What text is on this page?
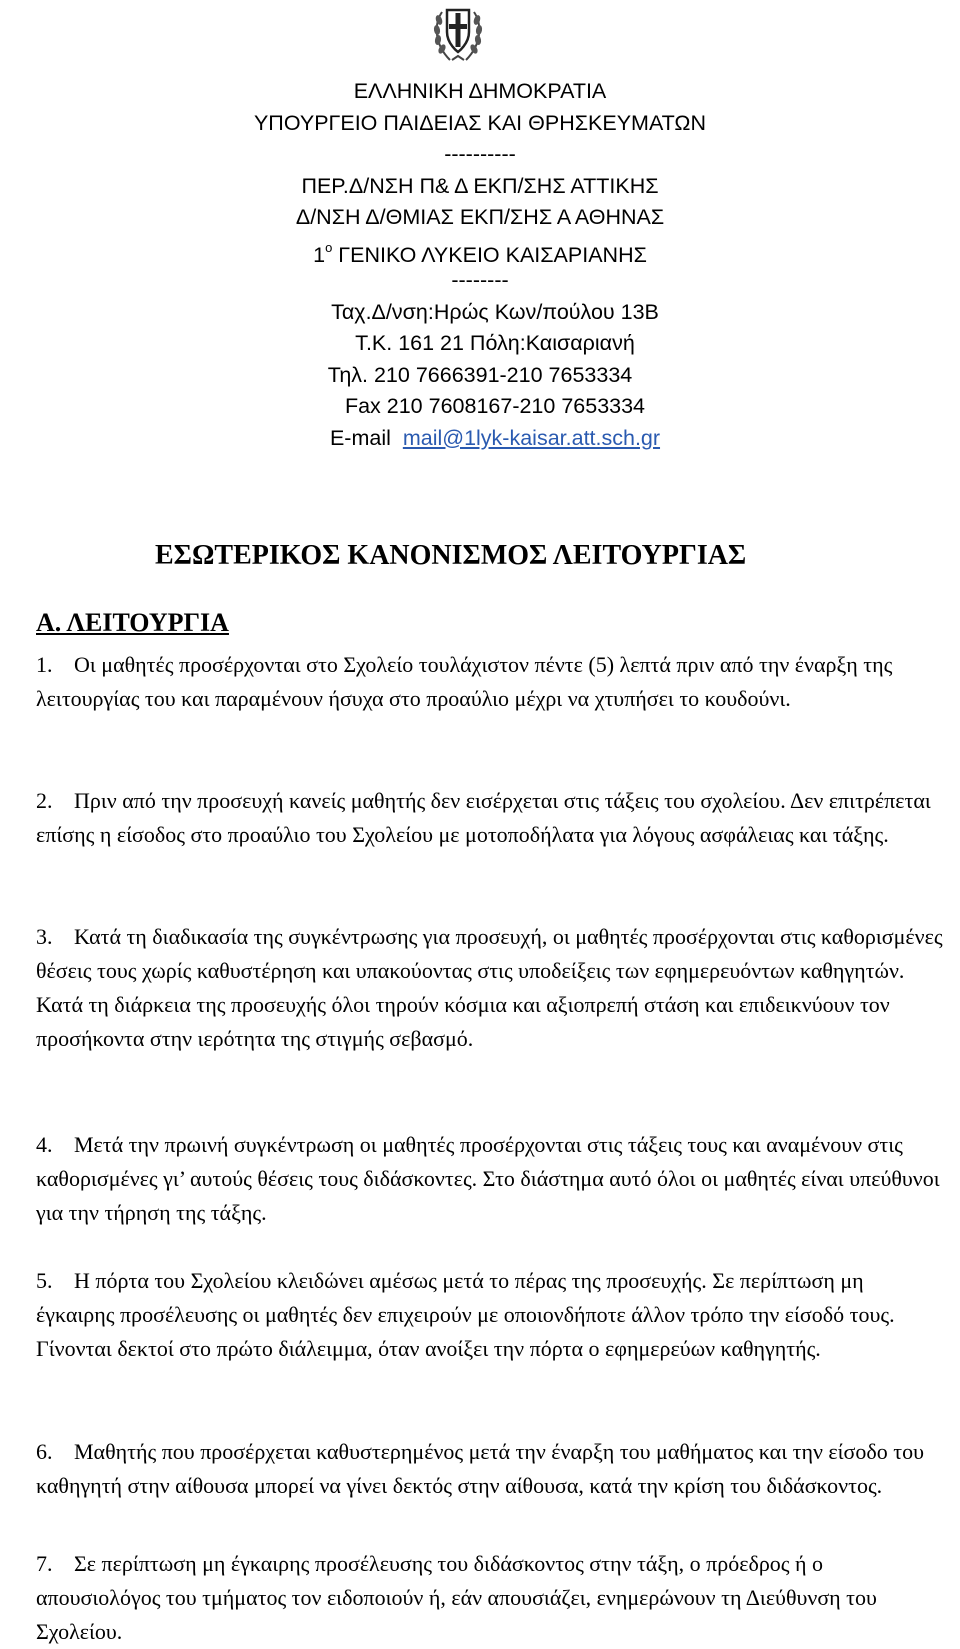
ΕΛΛΗΝΙΚΗ ΔΗΜΟΚΡΑΤΙΑ
ΥΠΟΥΡΓΕΙΟ ΠΑΙΔΕΙΑΣ ΚΑΙ ΘΡΗΣΚΕΥΜΑΤΩΝ
----------
ΠΕΡ.Δ/ΝΣΗ Π& Δ ΕΚΠ/ΣΗΣ ΑΤΤΙΚΗΣ
Δ/ΝΣΗ Δ/ΘΜΙΑΣ ΕΚΠ/ΣΗΣ Α ΑΘΗΝΑΣ
$1^o$ ΓΕΝΙΚΟ ΛΥΚΕΙΟ ΚΑΙΣΑΡΙΑΝΗΣ
--------
Ταχ.Δ/νση:Ηρώς Κων/πούλου 13Β
Τ.Κ. 161 21 Πόλη:Καισαριανή
Τηλ. 210 7666391-210 7653334
Fax 210 7608167-210 7653334
E-mail mail@1lyk-kaisar.att.sch.gr
ΕΣΩΤΕΡΙΚΟΣ ΚΑΝΟΝΙΣΜΟΣ ΛΕΙΤΟΥΡΓΙΑΣ
Α. ΛΕΙΤΟΥΡΓΙΑ
1. Οι μαθητές προσέρχονται στο Σχολείο τουλάχιστον πέντε (5) λεπτά πριν από την έναρξη της λειτουργίας του και παραμένουν ήσυχα στο προαύλιο μέχρι να χτυπήσει το κουδούνι.
2. Πριν από την προσευχή κανείς μαθητής δεν εισέρχεται στις τάξεις του σχολείου. Δεν επιτρέπεται επίσης η είσοδος στο προαύλιο του Σχολείου με μοτοποδήλατα για λόγους ασφάλειας και τάξης.
3. Κατά τη διαδικασία της συγκέντρωσης για προσευχή, οι μαθητές προσέρχονται στις καθορισμένες θέσεις τους χωρίς καθυστέρηση και υπακούοντας στις υποδείξεις των εφημερευόντων καθηγητών. Κατά τη διάρκεια της προσευχής όλοι τηρούν κόσμια και αξιοπρεπή στάση και επιδεικνύουν τον προσήκοντα στην ιερότητα της στιγμής σεβασμό.
4. Μετά την πρωινή συγκέντρωση οι μαθητές προσέρχονται στις τάξεις τους και αναμένουν στις καθορισμένες γι’ αυτούς θέσεις τους διδάσκοντες. Στο διάστημα αυτό όλοι οι μαθητές είναι υπεύθυνοι για την τήρηση της τάξης.
5. Η πόρτα του Σχολείου κλειδώνει αμέσως μετά το πέρας της προσευχής. Σε περίπτωση μη έγκαιρης προσέλευσης οι μαθητές δεν επιχειρούν με οποιονδήποτε άλλον τρόπο την είσοδό τους. Γίνονται δεκτοί στο πρώτο διάλειμμα, όταν ανοίξει την πόρτα ο εφημερεύων καθηγητής.
6. Μαθητής που προσέρχεται καθυστερημένος μετά την έναρξη του μαθήματος και την είσοδο του καθηγητή στην αίθουσα μπορεί να γίνει δεκτός στην αίθουσα, κατά την κρίση του διδάσκοντος.
7. Σε περίπτωση μη έγκαιρης προσέλευσης του διδάσκοντος στην τάξη, ο πρόεδρος ή ο απουσιολόγος του τμήματος τον ειδοποιούν ή, εάν απουσιάζει, ενημερώνουν τη Διεύθυνση του Σχολείου.
